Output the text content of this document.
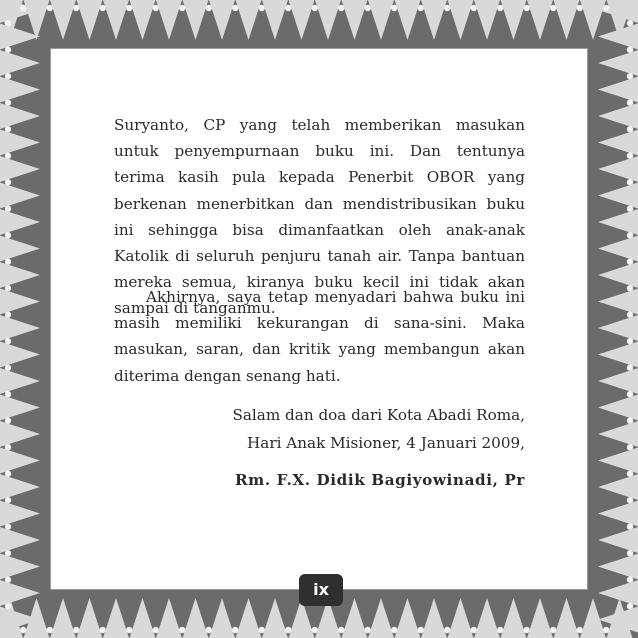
Suryanto, CP yang telah memberikan masukan untuk penyempurnaan buku ini. Dan tentunya terima kasih pula kepada Penerbit OBOR yang berkenan menerbitkan dan mendistribusikan buku ini sehingga bisa dimanfaatkan oleh anak-anak Katolik di seluruh penjuru tanah air. Tanpa bantuan mereka semua, kiranya buku kecil ini tidak akan sampai di tanganmu.

Akhirnya, saya tetap menyadari bahwa buku ini masih memiliki kekurangan di sana-sini. Maka masukan, saran, dan kritik yang membangun akan diterima dengan senang hati.

Salam dan doa dari Kota Abadi Roma,

Hari Anak Misioner, 4 Januari 2009,

Rm. F.X. Didik Bagiyowinadi, Pr

ix
